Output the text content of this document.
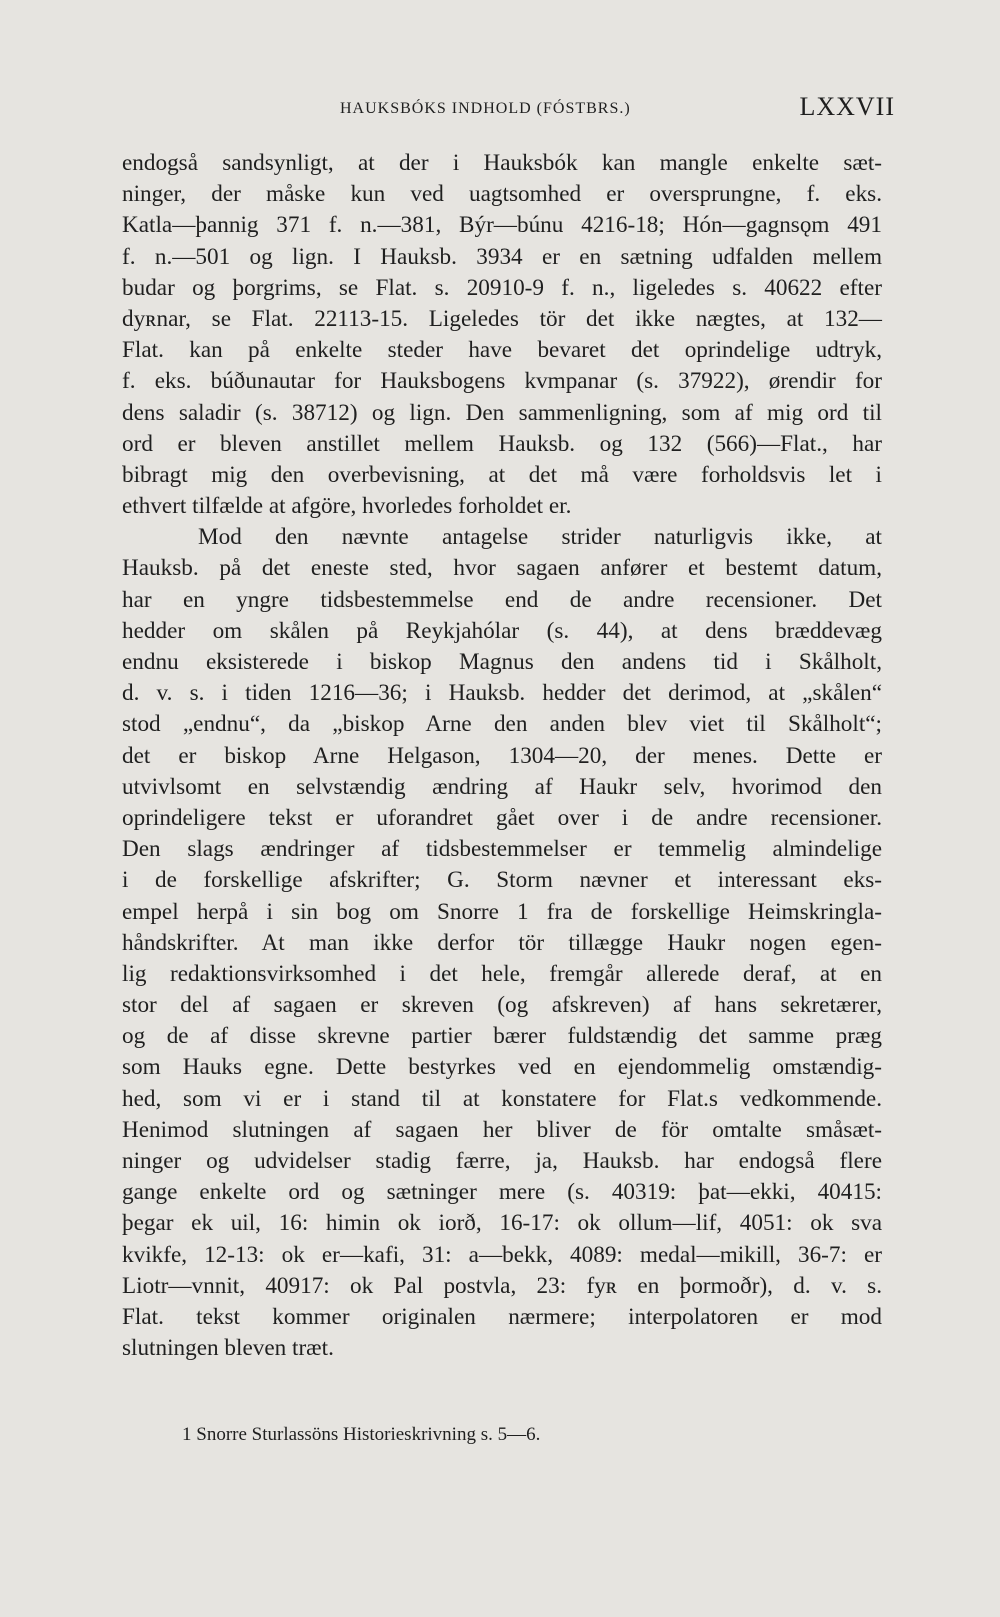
HAUKSBÓKS INDHOLD (FÓSTBRS.)	LXXVII

endogså sandsynligt, at der i Hauksbók kan mangle enkelte sæt-
ninger, der måske kun ved uagtsomhed er oversprungne, f. eks.
Katla—þannig 371 f. n.—381, Býr—búnu 4216-18; Hón—gagnsǫm 491
f. n.—501 og lign. I Hauksb. 3934 er en sætning udfalden mellem
budar og þorgrims, se Flat. s. 20910-9 f. n., ligeledes s. 40622 efter
dyʀnar, se Flat. 22113-15. Ligeledes tör det ikke nægtes, at 132—
Flat. kan på enkelte steder have bevaret det oprindelige udtryk,
f. eks. búðunautar for Hauksbogens kvmpanar (s. 37922), ørendir for
dens saladir (s. 38712) og lign. Den sammenligning, som af mig ord til
ord er bleven anstillet mellem Hauksb. og 132 (566)—Flat., har
bibragt mig den overbevisning, at det må være forholdsvis let i
ethvert tilfælde at afgöre, hvorledes forholdet er.

Mod den nævnte antagelse strider naturligvis ikke, at
Hauksb. på det eneste sted, hvor sagaen anfører et bestemt datum,
har en yngre tidsbestemmelse end de andre recensioner. Det
hedder om skålen på Reykjahólar (s. 44), at dens bræddevæg
endnu eksisterede i biskop Magnus den andens tid i Skålholt,
d. v. s. i tiden 1216—36; i Hauksb. hedder det derimod, at „skålen“
stod „endnu“, da „biskop Arne den anden blev viet til Skålholt“;
det er biskop Arne Helgason, 1304—20, der menes. Dette er
utvivlsomt en selvstændig ændring af Haukr selv, hvorimod den
oprindeligere tekst er uforandret gået over i de andre recensioner.
Den slags ændringer af tidsbestemmelser er temmelig almindelige
i de forskellige afskrifter; G. Storm nævner et interessant eks-
empel herpå i sin bog om Snorre 1 fra de forskellige Heimskringla-
håndskrifter. At man ikke derfor tör tillægge Haukr nogen egen-
lig redaktionsvirksomhed i det hele, fremgår allerede deraf, at en
stor del af sagaen er skreven (og afskreven) af hans sekretærer,
og de af disse skrevne partier bærer fuldstændig det samme præg
som Hauks egne. Dette bestyrkes ved en ejendommelig omstændig-
hed, som vi er i stand til at konstatere for Flat.s vedkommende.
Henimod slutningen af sagaen her bliver de för omtalte småsæt-
ninger og udvidelser stadig færre, ja, Hauksb. har endogså flere
gange enkelte ord og sætninger mere (s. 40319: þat—ekki, 40415:
þegar ek uil, 16: himin ok iorð, 16-17: ok ollum—lif, 4051: ok sva
kvikfe, 12-13: ok er—kafi, 31: a—bekk, 4089: medal—mikill, 36-7: er
Liotr—vnnit, 40917: ok Pal postvla, 23: fyʀ en þormoðr), d. v. s.
Flat. tekst kommer originalen nærmere; interpolatoren er mod
slutningen bleven træt.

1 Snorre Sturlassöns Historieskrivning s. 5—6.
